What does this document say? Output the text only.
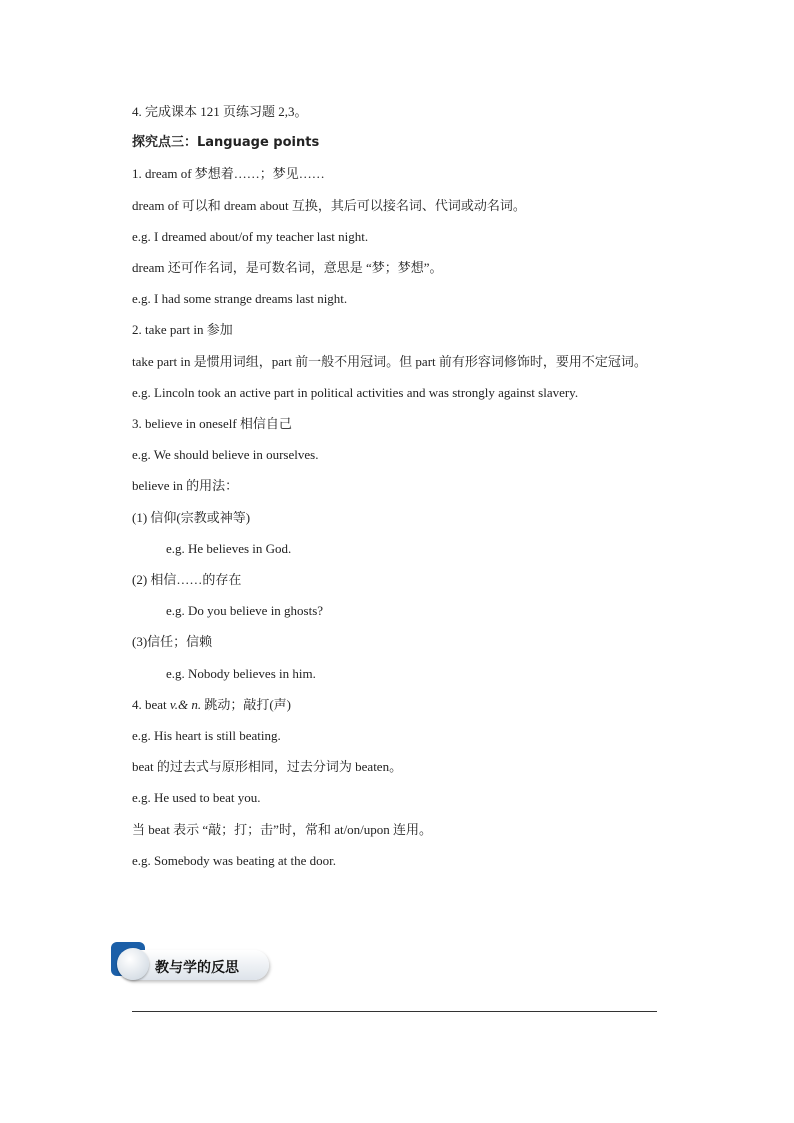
4. 完成课本 121 页练习题 2,3。
探究点三：Language points
1. dream of 梦想着……；梦见……
dream of 可以和 dream about 互换，其后可以接名词、代词或动名词。
e.g. I dreamed about/of my teacher last night.
dream 还可作名词，是可数名词，意思是 “梦；梦想”。
e.g. I had some strange dreams last night.
2. take part in 参加
take part in 是惯用词组，part 前一般不用冠词。但 part 前有形容词修饰时，要用不定冠词。
e.g. Lincoln took an active part in political activities and was strongly against slavery.
3. believe in oneself 相信自己
e.g. We should believe in ourselves.
believe in 的用法：
(1) 信仰(宗教或神等)
e.g. He believes in God.
(2) 相信……的存在
e.g. Do you believe in ghosts?
(3)信任；信赖
e.g. Nobody believes in him.
4. beat v.& n. 跳动；敲打(声)
e.g. His heart is still beating.
beat 的过去式与原形相同，过去分词为 beaten。
e.g. He used to beat you.
当 beat 表示 “敲；打；击”时，常和 at/on/upon 连用。
e.g. Somebody was beating at the door.
教与学的反思
